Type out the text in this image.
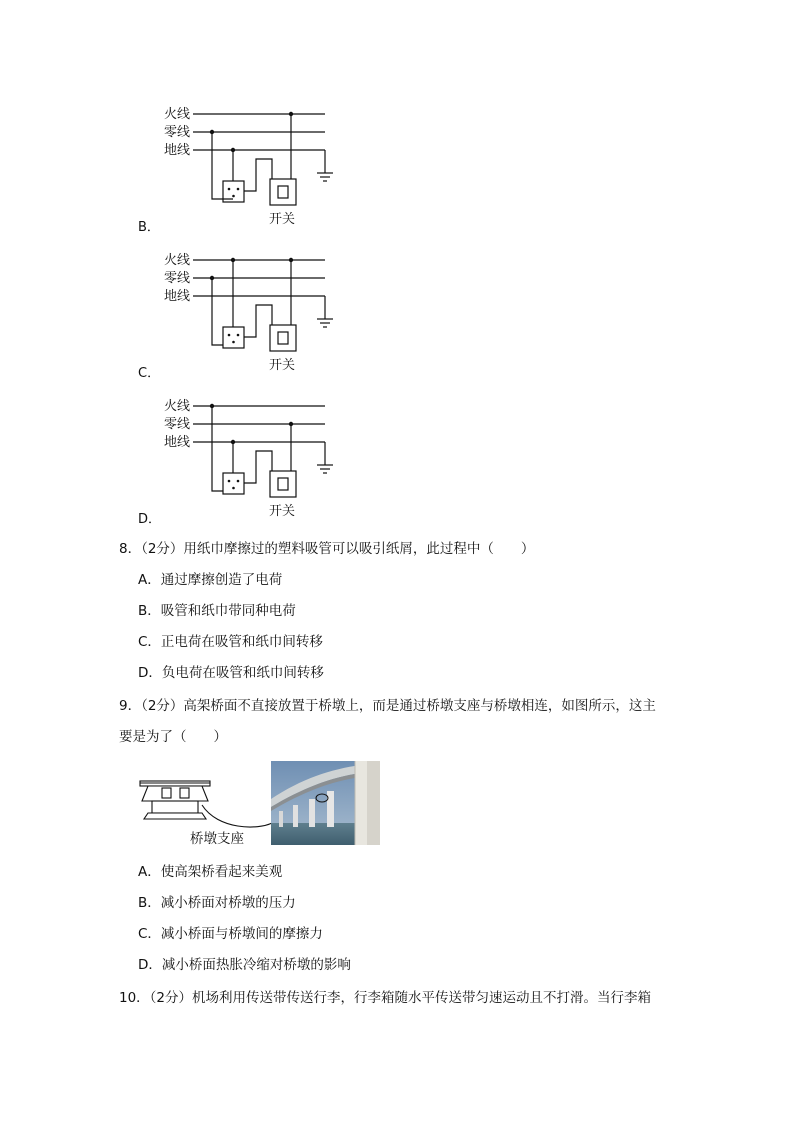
火线
零线
地线
开关
B．
火线
零线
地线
开关
C．
火线
零线
地线
开关
D．
8．（2分）用纸巾摩擦过的塑料吸管可以吸引纸屑，此过程中（　　）
A．通过摩擦创造了电荷
B．吸管和纸巾带同种电荷
C．正电荷在吸管和纸巾间转移
D．负电荷在吸管和纸巾间转移
9．（2分）高架桥面不直接放置于桥墩上，而是通过桥墩支座与桥墩相连，如图所示，这主
要是为了（　　）
桥墩支座
A．使高架桥看起来美观
B．减小桥面对桥墩的压力
C．减小桥面与桥墩间的摩擦力
D．减小桥面热胀冷缩对桥墩的影响
10．（2分）机场利用传送带传送行李，行李箱随水平传送带匀速运动且不打滑。当行李箱
